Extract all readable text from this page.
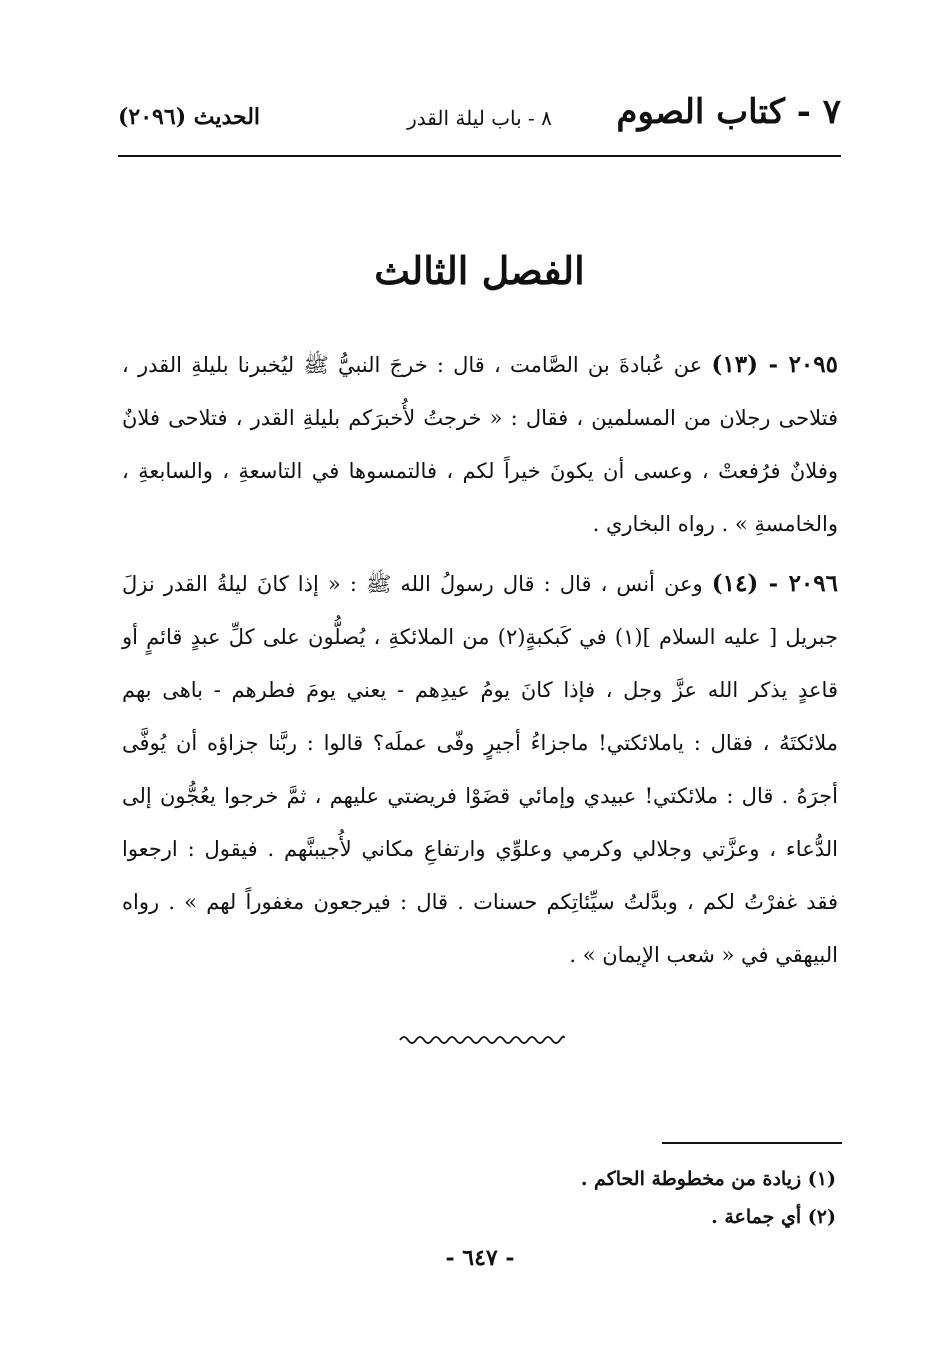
٧ - كتاب الصوم
٨ - باب ليلة القدر
الحديث (٢٠٩٦)
الفصل الثالث

٢٠٩٥ - (١٣) عن عُبادةَ بن الصَّامت ، قال : خرجَ النبيُّ ﷺ ليُخبرنا بليلةِ القدر ، فتلاحى رجلان من المسلمين ، فقال : « خرجتُ لأُخبرَكم بليلةِ القدر ، فتلاحى فلانٌ وفلانٌ فرُفعتْ ، وعسى أن يكونَ خيراً لكم ، فالتمسوها في التاسعةِ ، والسابعةِ ، والخامسةِ » . رواه البخاري .

٢٠٩٦ - (١٤) وعن أنس ، قال : قال رسولُ الله ﷺ : « إذا كانَ ليلةُ القدر نزلَ جبريل [ عليه السلام ](١) في كَبكبةٍ(٢) من الملائكةِ ، يُصلُّون على كلِّ عبدٍ قائمٍ أو قاعدٍ يذكر الله عزَّ وجل ، فإذا كانَ يومُ عيدِهم - يعني يومَ فطرهم - باهى بهم ملائكتَهُ ، فقال : ياملائكتي! ماجزاءُ أجيرٍ وفّى عملَه؟ قالوا : ربَّنا جزاؤه أن يُوفَّى أجرَهُ . قال : ملائكتي! عبيدي وإمائي قضَوْا فريضتي عليهم ، ثمَّ خرجوا يعُجُّون إلى الدُّعاء ، وعزَّتي وجلالي وكرمي وعلوِّي وارتفاعِ مكاني لأُجيبنَّهم . فيقول : ارجعوا فقد غفرْتُ لكم ، وبدَّلتُ سيِّئاتِكم حسنات . قال : فيرجعون مغفوراً لهم » . رواه البيهقي في « شعب الإيمان » .

(١) زيادة من مخطوطة الحاكم .
(٢) أي جماعة .
- ٦٤٧ -
